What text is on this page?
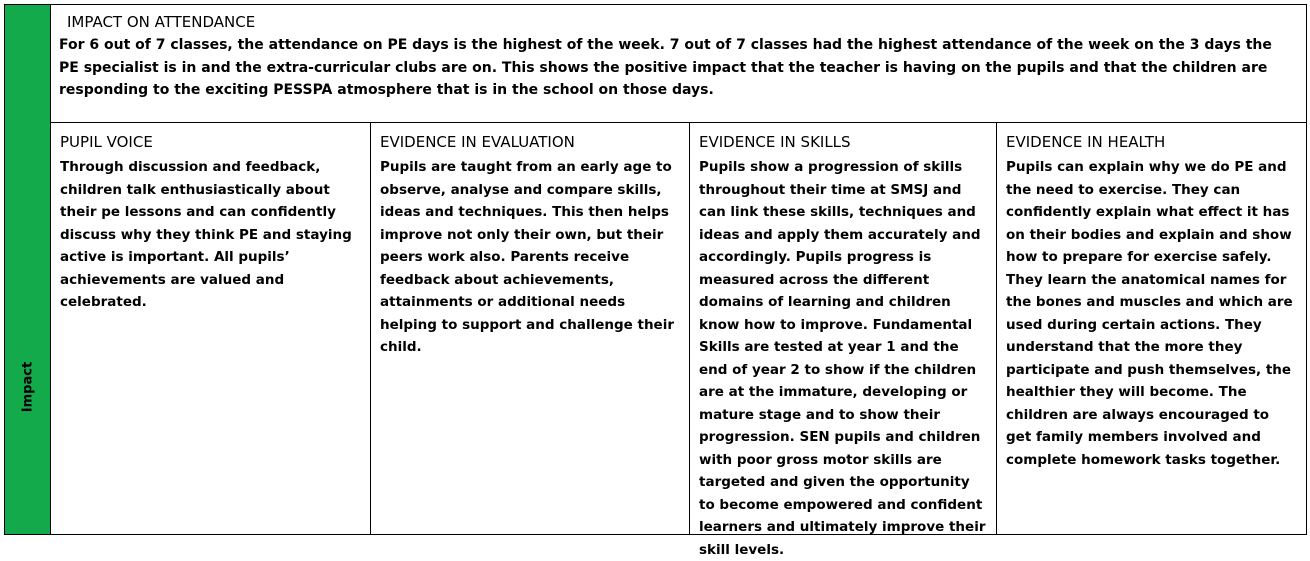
Impact
IMPACT ON ATTENDANCE

For 6 out of 7 classes, the attendance on PE days is the highest of the week. 7 out of 7 classes had the highest attendance of the week on the 3 days the PE specialist is in and the extra-curricular clubs are on. This shows the positive impact that the teacher is having on the pupils and that the children are responding to the exciting PESSPA atmosphere that is in the school on those days.

PUPIL VOICE

Through discussion and feedback, children talk enthusiastically about their pe lessons and can confidently discuss why they think PE and staying active is important. All pupils’ achievements are valued and celebrated.

EVIDENCE IN EVALUATION

Pupils are taught from an early age to observe, analyse and compare skills, ideas and techniques. This then helps improve not only their own, but their peers work also. Parents receive feedback about achievements, attainments or additional needs helping to support and challenge their child.

EVIDENCE IN SKILLS

Pupils show a progression of skills throughout their time at SMSJ and can link these skills, techniques and ideas and apply them accurately and accordingly. Pupils progress is measured across the different domains of learning and children know how to improve. Fundamental Skills are tested at year 1 and the end of year 2 to show if the children are at the immature, developing or mature stage and to show their progression. SEN pupils and children with poor gross motor skills are targeted and given the opportunity to become empowered and confident learners and ultimately improve their skill levels.

EVIDENCE IN HEALTH

Pupils can explain why we do PE and the need to exercise. They can confidently explain what effect it has on their bodies and explain and show how to prepare for exercise safely. They learn the anatomical names for the bones and muscles and which are used during certain actions. They understand that the more they participate and push themselves, the healthier they will become. The children are always encouraged to get family members involved and complete homework tasks together.
